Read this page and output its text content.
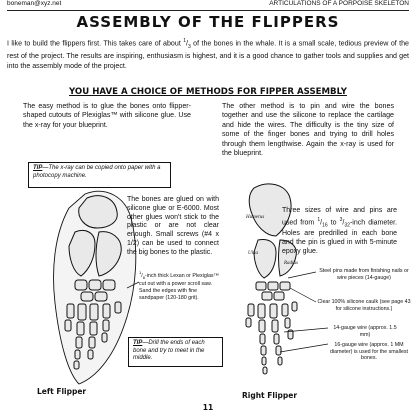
boneman@xyz.net	ARTICULATIONS OF A PORPOISE SKELETON
ASSEMBLY OF THE FLIPPERS
I like to build the flippers first. This takes care of about $^1/_3$ of the bones in the whale. It is a small scale, tedious preview of the rest of the project. The results are inspiring, enthusiasm is highest, and it is a good chance to gather tools and supplies and get into the assembly mode of the project.
YOU HAVE A CHOICE OF METHODS FOR FIPPER ASSEMBLY
The easy method is to glue the bones onto flipper-shaped cutouts of Plexiglas™ with silicone glue. Use the x-ray for your blueprint.
The other method is to pin and wire the bones together and use the silicone to replace the cartilage and hide the wires. The difficulty is the tiny size of some of the finger bones and trying to drill holes through them lengthwise. Again the x-ray is used for the blueprint.
TIP—The x-ray can be copied onto paper with a photocopy machine.
The bones are glued on with silicone glue or E-6000. Most other glues won't stick to the plastic or are not clear enough. Small screws (#4 x 1/2) can be used to connect the big bones to the plastic.
$^1/_8$-inch thick Lexan or Plexiglas™ cut out with a power scroll saw. Sand the edges with fine sandpaper (120-180 grit).
TIP—Drill the ends of each bone and try to meet in the middle.
Left Flipper
Humerus
Ulna
Radius
Three sizes of wire and pins are used from $^1/_{16}$ to $^3/_{32}$-inch diameter. Holes are predrilled in each bone and the pin is glued in with 5-minute epoxy glue.
Steel pins made from finishing nails or wire pieces (14-gauge)
Clear 100% silicone caulk (see page 43 for silicone instructions.)
14-gauge wire (approx. 1.5 mm)
16-gauge wire (approx. 1 MM diameter) is used for the smallest bones.
Right Flipper
11
